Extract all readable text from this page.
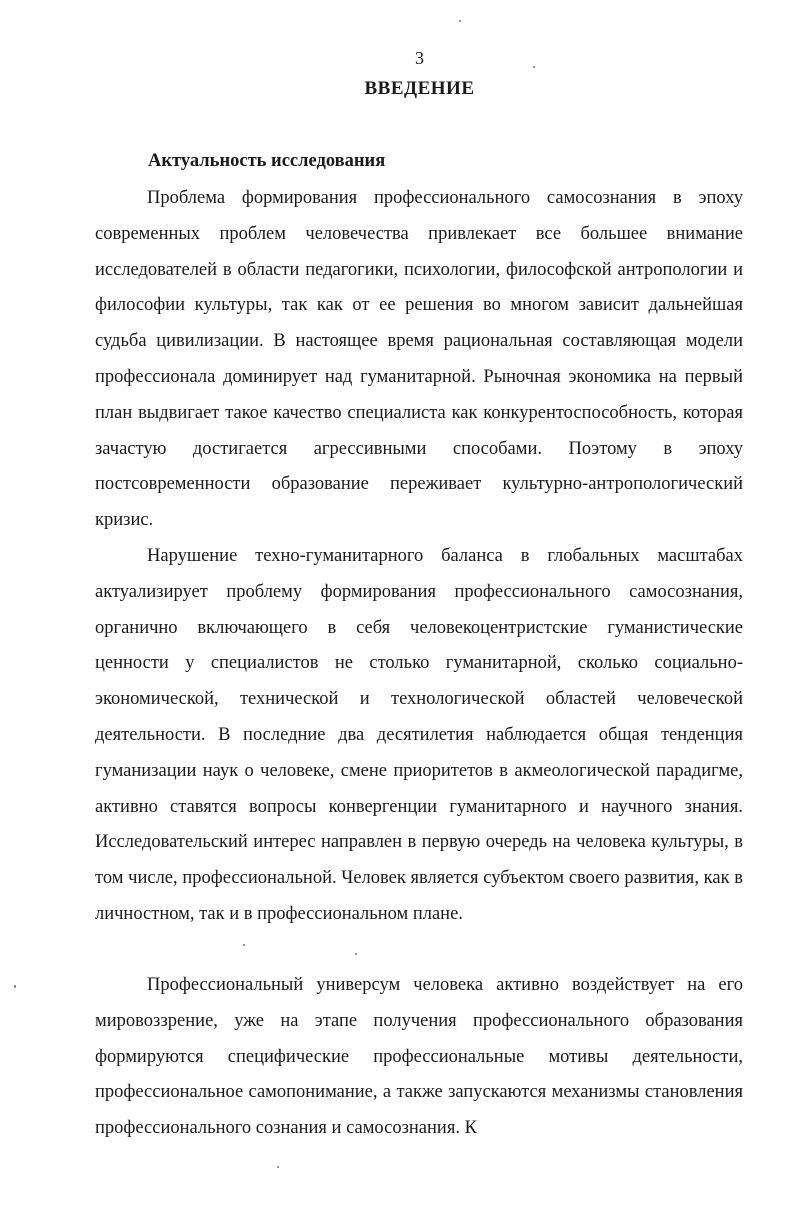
3
ВВЕДЕНИЕ
Актуальность исследования

Проблема формирования профессионального самосознания в эпоху современных проблем человечества привлекает все большее внимание исследователей в области педагогики, психологии, философской антропологии и философии культуры, так как от ее решения во многом зависит дальнейшая судьба цивилизации. В настоящее время рациональная составляющая модели профессионала доминирует над гуманитарной. Рыночная экономика на первый план выдвигает такое качество специалиста как конкурентоспособность, которая зачастую достигается агрессивными способами. Поэтому в эпоху постсовременности образование переживает культурно-антропологический кризис.

Нарушение техно-гуманитарного баланса в глобальных масштабах актуализирует проблему формирования профессионального самосознания, органично включающего в себя человекоцентристские гуманистические ценности у специалистов не столько гуманитарной, сколько социально-экономической, технической и технологической областей человеческой деятельности. В последние два десятилетия наблюдается общая тенденция гуманизации наук о человеке, смене приоритетов в акмеологической парадигме, активно ставятся вопросы конвергенции гуманитарного и научного знания. Исследовательский интерес направлен в первую очередь на человека культуры, в том числе, профессиональной. Человек является субъектом своего развития, как в личностном, так и в профессиональном плане.

Профессиональный универсум человека активно воздействует на его мировоззрение, уже на этапе получения профессионального образования формируются специфические профессиональные мотивы деятельности, профессиональное самопонимание, а также запускаются механизмы становления профессионального сознания и самосознания. К
